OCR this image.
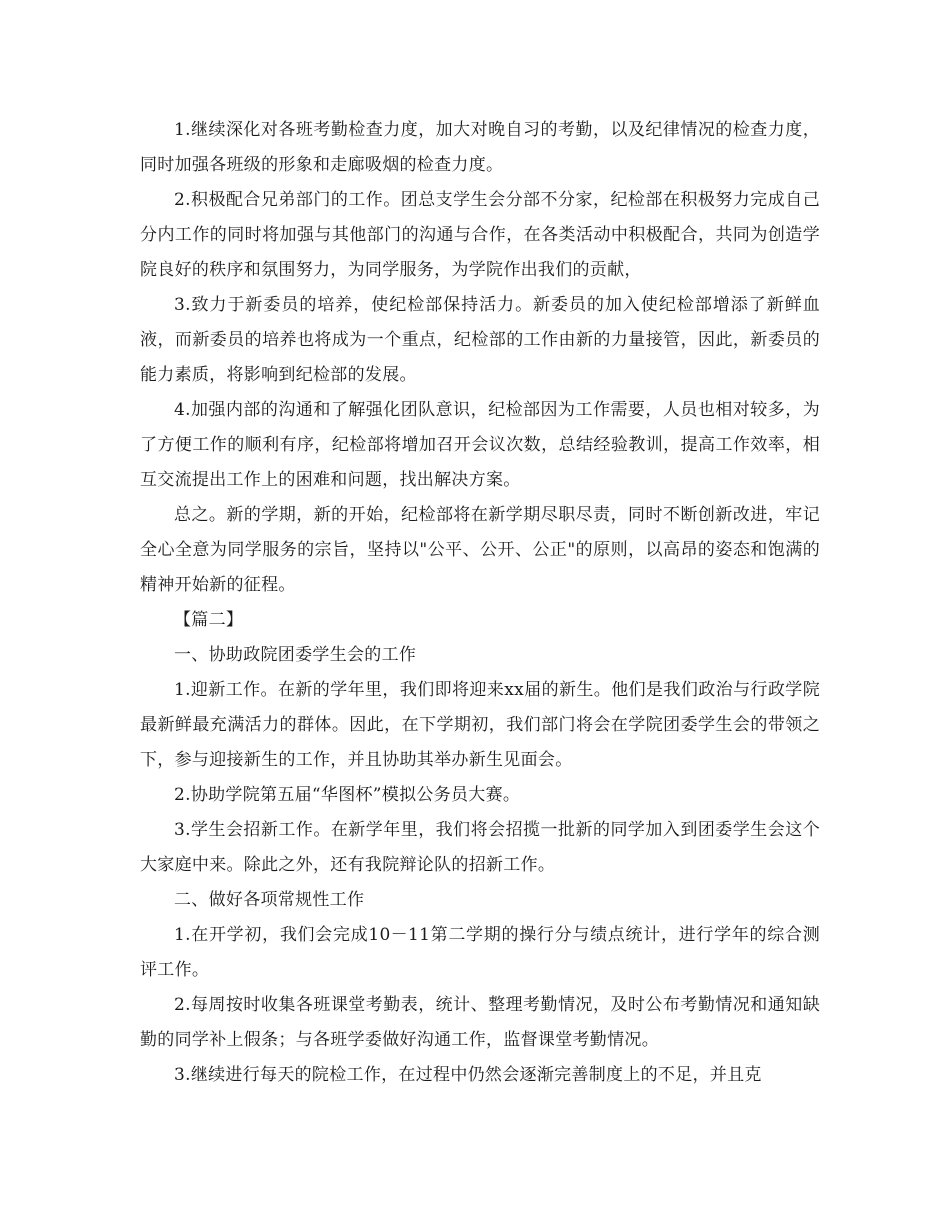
1.继续深化对各班考勤检查力度，加大对晚自习的考勤，以及纪律情况的检查力度，同时加强各班级的形象和走廊吸烟的检查力度。

2.积极配合兄弟部门的工作。团总支学生会分部不分家，纪检部在积极努力完成自己分内工作的同时将加强与其他部门的沟通与合作，在各类活动中积极配合，共同为创造学院良好的秩序和氛围努力，为同学服务，为学院作出我们的贡献，

3.致力于新委员的培养，使纪检部保持活力。新委员的加入使纪检部增添了新鲜血液，而新委员的培养也将成为一个重点，纪检部的工作由新的力量接管，因此，新委员的能力素质，将影响到纪检部的发展。

4.加强内部的沟通和了解强化团队意识，纪检部因为工作需要，人员也相对较多，为了方便工作的顺利有序，纪检部将增加召开会议次数，总结经验教训，提高工作效率，相互交流提出工作上的困难和问题，找出解决方案。

总之。新的学期，新的开始，纪检部将在新学期尽职尽责，同时不断创新改进，牢记全心全意为同学服务的宗旨，坚持以"公平、公开、公正"的原则，以高昂的姿态和饱满的精神开始新的征程。

【篇二】

一、协助政院团委学生会的工作

1.迎新工作。在新的学年里，我们即将迎来xx届的新生。他们是我们政治与行政学院最新鲜最充满活力的群体。因此，在下学期初，我们部门将会在学院团委学生会的带领之下，参与迎接新生的工作，并且协助其举办新生见面会。

2.协助学院第五届“华图杯”模拟公务员大赛。

3.学生会招新工作。在新学年里，我们将会招揽一批新的同学加入到团委学生会这个大家庭中来。除此之外，还有我院辩论队的招新工作。

二、做好各项常规性工作

1.在开学初，我们会完成10－11第二学期的操行分与绩点统计，进行学年的综合测评工作。

2.每周按时收集各班课堂考勤表，统计、整理考勤情况，及时公布考勤情况和通知缺勤的同学补上假条；与各班学委做好沟通工作，监督课堂考勤情况。

3.继续进行每天的院检工作，在过程中仍然会逐渐完善制度上的不足，并且克
